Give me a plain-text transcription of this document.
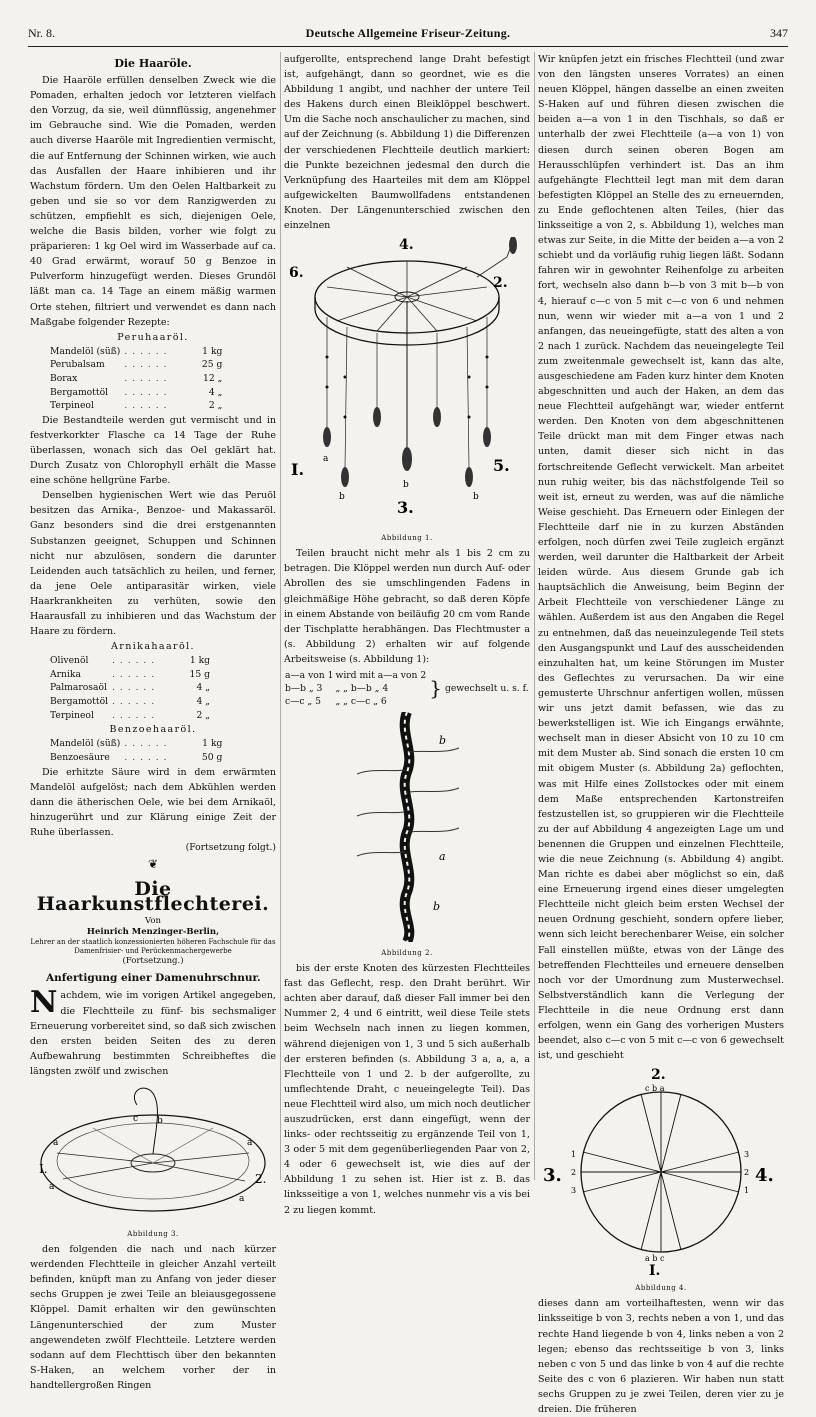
Nr. 8.	Deutsche Allgemeine Friseur-Zeitung.	347
Die Haaröle.

Die Haaröle erfüllen denselben Zweck wie die Pomaden, erhalten jedoch vor letzteren vielfach den Vorzug, da sie, weil dünnflüssig, angenehmer im Gebrauche sind. Wie die Pomaden, werden auch diverse Haaröle mit Ingredientien vermischt, die auf Entfernung der Schinnen wirken, wie auch das Ausfallen der Haare inhibieren und ihr Wachstum fördern. Um den Oelen Haltbarkeit zu geben und sie so vor dem Ranzigwerden zu schützen, empfiehlt es sich, diejenigen Oele, welche die Basis bilden, vorher wie folgt zu präparieren: 1 kg Oel wird im Wasserbade auf ca. 40 Grad erwärmt, worauf 50 g Benzoe in Pulverform hinzugefügt werden. Dieses Grundöl läßt man ca. 14 Tage an einem mäßig warmen Orte stehen, filtriert und verwendet es dann nach Maßgabe folgender Rezepte:

Peruhaaröl.
Mandelöl (süß)	. . . . . .	1 kg
Perubalsam	. . . . . .	25 g
Borax	. . . . . .	12 „
Bergamottöl	. . . . . .	4 „
Terpineol	. . . . . .	2 „

Die Bestandteile werden gut vermischt und in festverkorkter Flasche ca 14 Tage der Ruhe überlassen, wonach sich das Oel geklärt hat. Durch Zusatz von Chlorophyll erhält die Masse eine schöne hellgrüne Farbe.

Denselben hygienischen Wert wie das Peruöl besitzen das Arnika-, Benzoe- und Makassaröl. Ganz besonders sind die drei erstgenannten Substanzen geeignet, Schuppen und Schinnen nicht nur abzulösen, sondern die darunter Leidenden auch tatsächlich zu heilen, und ferner, da jene Oele antiparasitär wirken, viele Haarkrankheiten zu verhüten, sowie den Haarausfall zu inhibieren und das Wachstum der Haare zu fördern.

Arnikahaaröl.
Olivenöl	. . . . . .	1 kg
Arnika	. . . . . .	15 g
Palmarosaöl	. . . . . .	4 „
Bergamottöl	. . . . . .	4 „
Terpineol	. . . . . .	2 „
Benzoehaaröl.
Mandelöl (süß)	. . . . . .	1 kg
Benzoesäure	. . . . . .	50 g

Die erhitzte Säure wird in dem erwärmten Mandelöl aufgelöst; nach dem Abkühlen werden dann die ätherischen Oele, wie bei dem Arnikaöl, hinzugerührt und zur Klärung einige Zeit der Ruhe überlassen.

(Fortsetzung folgt.)
❦
Die Haarkunstflechterei.
Von
Heinrich Menzinger-Berlin,
Lehrer an der staatlich konzessionierten höheren Fachschule für das Damenfrisier- und Perückenmachergewerbe
(Fortsetzung.)
Anfertigung einer Damenuhrschnur.
Nachdem, wie im vorigen Artikel angegeben, die Flechtteile zu fünf- bis sechsmaliger Erneuerung vorbereitet sind, so daß sich zwischen den ersten beiden Seiten des zu deren Aufbewahrung bestimmten Schreibheftes die längsten zwölf und zwischen
I.
2.
a
a
a
a
c b
Abbildung 3.

den folgenden die nach und nach kürzer werdenden Flechtteile in gleicher Anzahl verteilt befinden, knüpft man zu Anfang von jeder dieser sechs Gruppen je zwei Teile an bleiausgegossene Klöppel. Damit erhalten wir den gewünschten Längenunterschied der zum Muster angewendeten zwölf Flechtteile. Letztere werden sodann auf dem Flechttisch über den bekannten S-Haken, an welchem vorher der in handtellergroßen Ringen

aufgerollte, entsprechend lange Draht befestigt ist, aufgehängt, dann so geordnet, wie es die Abbildung 1 angibt, und nachher der untere Teil des Hakens durch einen Bleiklöppel beschwert. Um die Sache noch anschaulicher zu machen, sind auf der Zeichnung (s. Abbildung 1) die Differenzen der verschiedenen Flechtteile deutlich markiert: die Punkte bezeichnen jedesmal den durch die Verknüpfung des Haarteiles mit dem am Klöppel aufgewickelten Baumwollfadens entstandenen Knoten. Der Längenunterschied zwischen den einzelnen

4.
6.
2.
I.	5.
3.
a
b	b
b
Abbildung 1.

Teilen braucht nicht mehr als 1 bis 2 cm zu betragen. Die Klöppel werden nun durch Auf- oder Abrollen des sie umschlingenden Fadens in gleichmäßige Höhe gebracht, so daß deren Köpfe in einem Abstande von beiläufig 20 cm vom Rande der Tischplatte herabhängen. Das Flechtmuster a (s. Abbildung 2) erhalten wir auf folgende Arbeitsweise (s. Abbildung 1):

a—a von 1	wird mit a—a von 2	}	gewechselt u. s. f.
b—b „ 3	„ „ b—b „ 4		
c—c „ 5	„ „ c—c „ 6		
b
a
b
Abbildung 2.

bis der erste Knoten des kürzesten Flechtteiles fast das Geflecht, resp. den Draht berührt. Wir achten aber darauf, daß dieser Fall immer bei den Nummer 2, 4 und 6 eintritt, weil diese Teile stets beim Wechseln nach innen zu liegen kommen, während diejenigen von 1, 3 und 5 sich außerhalb der ersteren befinden (s. Abbildung 3 a, a, a, a Flechtteile von 1 und 2. b der aufgerollte, zu umflechtende Draht, c neueingelegte Teil). Das neue Flechtteil wird also, um mich noch deutlicher auszudrücken, erst dann eingefügt, wenn der links- oder rechtsseitig zu ergänzende Teil von 1, 3 oder 5 mit dem gegenüberliegenden Paar von 2, 4 oder 6 gewechselt ist, wie dies auf der Abbildung 1 zu sehen ist. Hier ist z. B. das linksseitige a von 1, welches nunmehr vis a vis bei 2 zu liegen kommt.

Wir knüpfen jetzt ein frisches Flechtteil (und zwar von den längsten unseres Vorrates) an einen neuen Klöppel, hängen dasselbe an einen zweiten S-Haken auf und führen diesen zwischen die beiden a—a von 1 in den Tischhals, so daß er unterhalb der zwei Flechtteile (a—a von 1) von diesen durch seinen oberen Bogen am Herausschlüpfen verhindert ist. Das an ihm aufgehängte Flechtteil legt man mit dem daran befestigten Klöppel an Stelle des zu erneuernden, zu Ende geflochtenen alten Teiles, (hier das linksseitige a von 2, s. Abbildung 1), welches man etwas zur Seite, in die Mitte der beiden a—a von 2 schiebt und da vorläufig ruhig liegen läßt. Sodann fahren wir in gewohnter Reihenfolge zu arbeiten fort, wechseln also dann b—b von 3 mit b—b von 4, hierauf c—c von 5 mit c—c von 6 und nehmen nun, wenn wir wieder mit a—a von 1 und 2 anfangen, das neueingefügte, statt des alten a von 2 nach 1 zurück. Nachdem das neueingelegte Teil zum zweitenmale gewechselt ist, kann das alte, ausgeschiedene am Faden kurz hinter dem Knoten abgeschnitten und auch der Haken, an dem das neue Flechtteil aufgehängt war, wieder entfernt werden. Den Knoten von dem abgeschnittenen Teile drückt man mit dem Finger etwas nach unten, damit dieser sich nicht in das fortschreitende Geflecht verwickelt. Man arbeitet nun ruhig weiter, bis das nächstfolgende Teil so weit ist, erneut zu werden, was auf die nämliche Weise geschieht. Das Erneuern oder Einlegen der Flechtteile darf nie in zu kurzen Abständen erfolgen, noch dürfen zwei Teile zugleich ergänzt werden, weil darunter die Haltbarkeit der Arbeit leiden würde. Aus diesem Grunde gab ich hauptsächlich die Anweisung, beim Beginn der Arbeit Flechtteile von verschiedener Länge zu wählen. Außerdem ist aus den Angaben die Regel zu entnehmen, daß das neueinzulegende Teil stets den Ausgangspunkt und Lauf des ausscheidenden einzuhalten hat, um keine Störungen im Muster des Geflechtes zu verursachen. Da wir eine gemusterte Uhrschnur anfertigen wollen, müssen wir uns jetzt damit befassen, wie das zu bewerkstelligen ist. Wie ich Eingangs erwähnte, wechselt man in dieser Absicht von 10 zu 10 cm mit dem Muster ab. Sind sonach die ersten 10 cm mit obigem Muster (s. Abbildung 2a) geflochten, was mit Hilfe eines Zollstockes oder mit einem dem Maße entsprechenden Kartonstreifen festzustellen ist, so gruppieren wir die Flechtteile zu der auf Abbildung 4 angezeigten Lage um und benennen die Gruppen und einzelnen Flechtteile, wie die neue Zeichnung (s. Abbildung 4) angibt. Man richte es dabei aber möglichst so ein, daß eine Erneuerung irgend eines dieser umgelegten Flechtteile nicht gleich beim ersten Wechsel der neuen Ordnung geschieht, sondern opfere lieber, wenn sich leicht berechenbarer Weise, ein solcher Fall einstellen müßte, etwas von der Länge des betreffenden Flechtteiles und erneuere denselben noch vor der Umordnung zum Musterwechsel. Selbstverständlich kann die Verlegung der Flechtteile in die neue Ordnung erst dann erfolgen, wenn ein Gang des vorherigen Musters beendet, also c—c von 5 mit c—c von 6 gewechselt ist, und geschieht

2.
c b a
3.
1
2
3
4.
3
2
1
a b c
I.
Abbildung 4.

dieses dann am vorteilhaftesten, wenn wir das linksseitige b von 3, rechts neben a von 1, und das rechte Hand liegende b von 4, links neben a von 2 legen; ebenso das rechtsseitige b von 3, links neben c von 5 und das linke b von 4 auf die rechte Seite des c von 6 plazieren. Wir haben nun statt sechs Gruppen zu je zwei Teilen, deren vier zu je dreien. Die früheren
